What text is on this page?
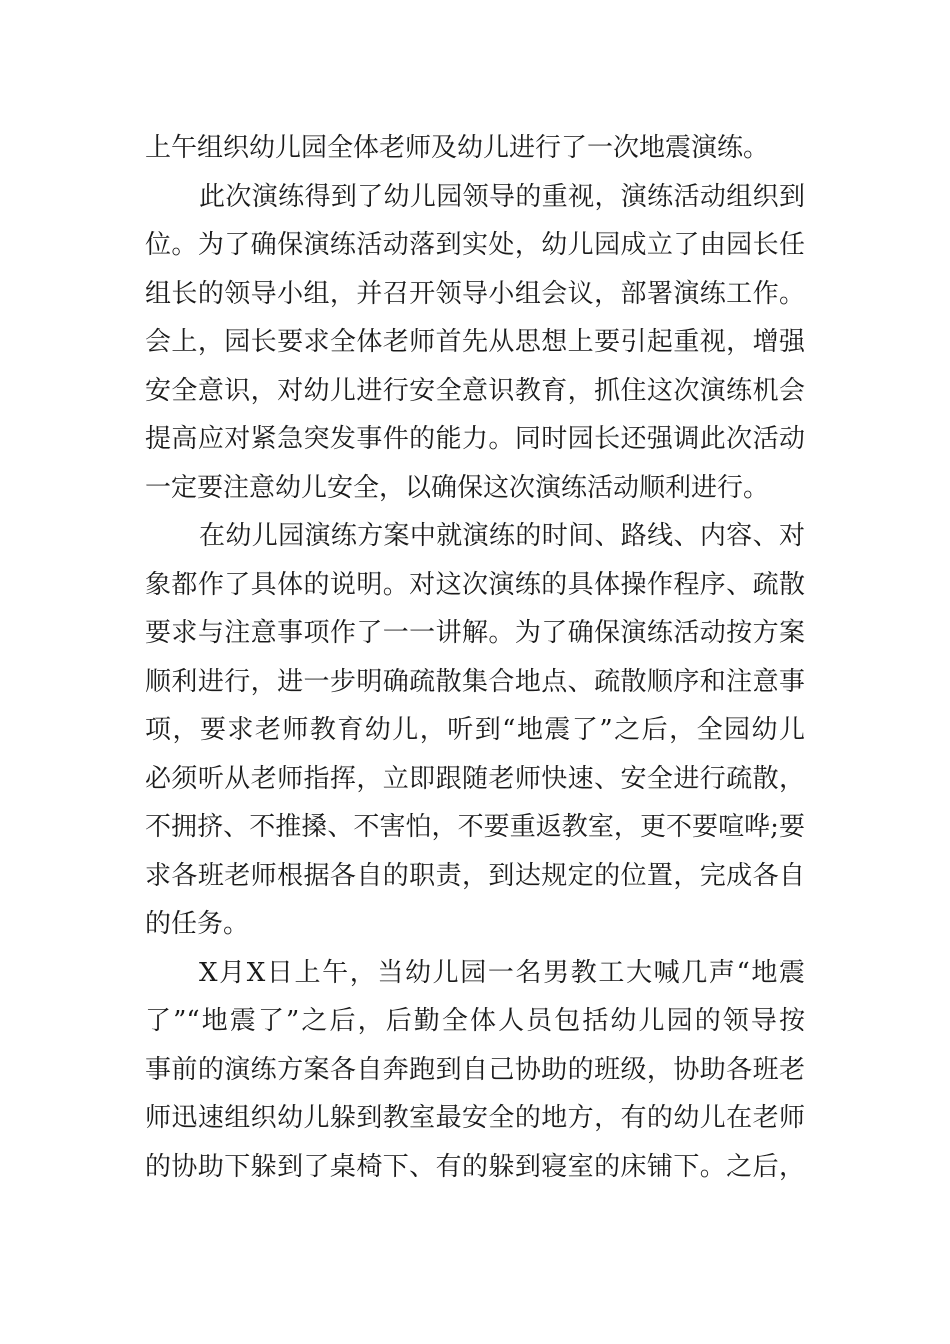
上午组织幼儿园全体老师及幼儿进行了一次地震演练。
此次演练得到了幼儿园领导的重视，演练活动组织到
位。为了确保演练活动落到实处，幼儿园成立了由园长任
组长的领导小组，并召开领导小组会议，部署演练工作。
会上，园长要求全体老师首先从思想上要引起重视，增强
安全意识，对幼儿进行安全意识教育，抓住这次演练机会
提高应对紧急突发事件的能力。同时园长还强调此次活动
一定要注意幼儿安全，以确保这次演练活动顺利进行。
在幼儿园演练方案中就演练的时间、路线、内容、对
象都作了具体的说明。对这次演练的具体操作程序、疏散
要求与注意事项作了一一讲解。为了确保演练活动按方案
顺利进行，进一步明确疏散集合地点、疏散顺序和注意事
项，要求老师教育幼儿，听到“地震了”之后，全园幼儿
必须听从老师指挥，立即跟随老师快速、安全进行疏散，
不拥挤、不推搡、不害怕，不要重返教室，更不要喧哗;要
求各班老师根据各自的职责，到达规定的位置，完成各自
的任务。
X月X日上午，当幼儿园一名男教工大喊几声“地震
了”“地震了”之后，后勤全体人员包括幼儿园的领导按
事前的演练方案各自奔跑到自己协助的班级，协助各班老
师迅速组织幼儿躲到教室最安全的地方，有的幼儿在老师
的协助下躲到了桌椅下、有的躲到寝室的床铺下。之后，
